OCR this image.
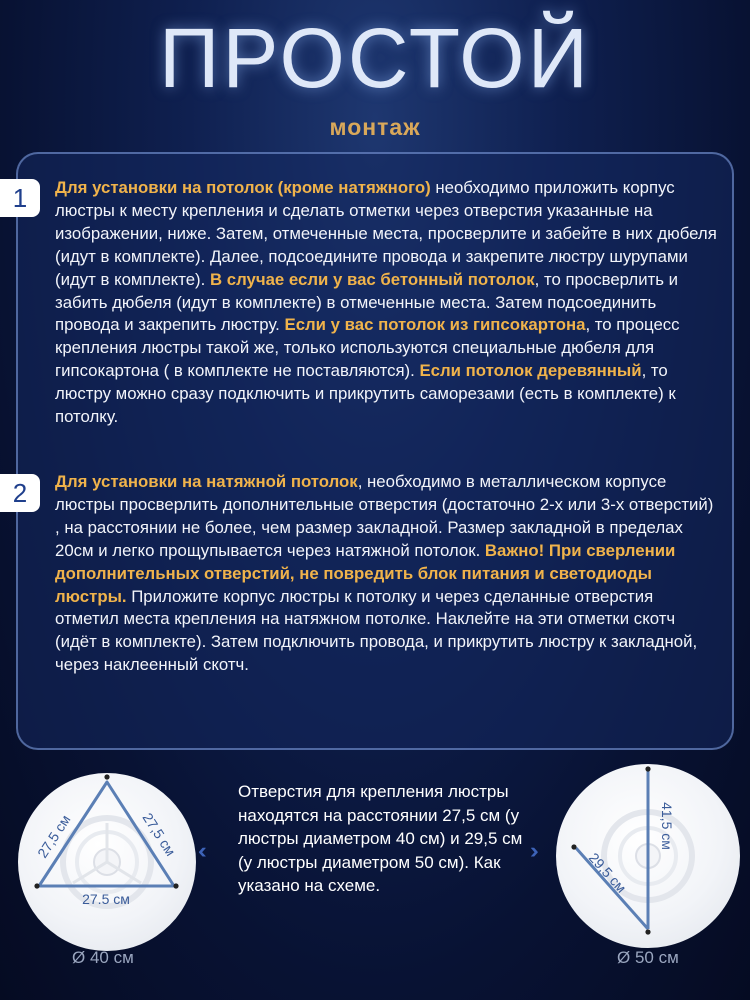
ПРОСТОЙ
монтаж
1	Для установки на потолок (кроме натяжного) необходимо приложить корпус люстры к месту крепления и сделать отметки через отверстия указанные на изображении, ниже. Затем, отмеченные места, просверлите и забейте в них дюбеля (идут в комплекте). Далее, подсоедините провода и закрепите люстру шурупами (идут в комплекте). В случае если у вас бетонный потолок, то просверлить и забить дюбеля (идут в комплекте) в отмеченные места. Затем подсоединить провода и закрепить люстру. Если у вас потолок из гипсокартона, то процесс крепления люстры такой же, только используются специальные дюбеля для гипсокартона ( в комплекте не поставляются). Если потолок деревянный, то люстру можно сразу подключить и прикрутить саморезами (есть в комплекте) к потолку.
2	Для установки на натяжной потолок, необходимо в металлическом корпусе люстры просверлить дополнительные отверстия (достаточно 2-х или 3-х отверстий) , на расстоянии не более, чем размер закладной. Размер закладной в пределах 20см и легко прощупывается через натяжной потолок. Важно! При сверлении дополнительных отверстий, не повредить блок питания и светодиоды люстры. Приложите корпус люстры к потолку и через сделанные отверстия отметил места крепления на натяжном потолке. Наклейте на эти отметки скотч (идёт в комплекте). Затем подключить провода, и прикрутить люстру к закладной, через наклеенный скотч.
27,5 см	27,5 см
27.5 см
Ø 40 см
‹‹
Отверстия для крепления люстры находятся на расстоянии 27,5 см (у люстры диаметром 40 см) и 29,5 см (у люстры диаметром 50 см). Как указано на схеме.
››
41,5 см
29,5 см
Ø 50 см
